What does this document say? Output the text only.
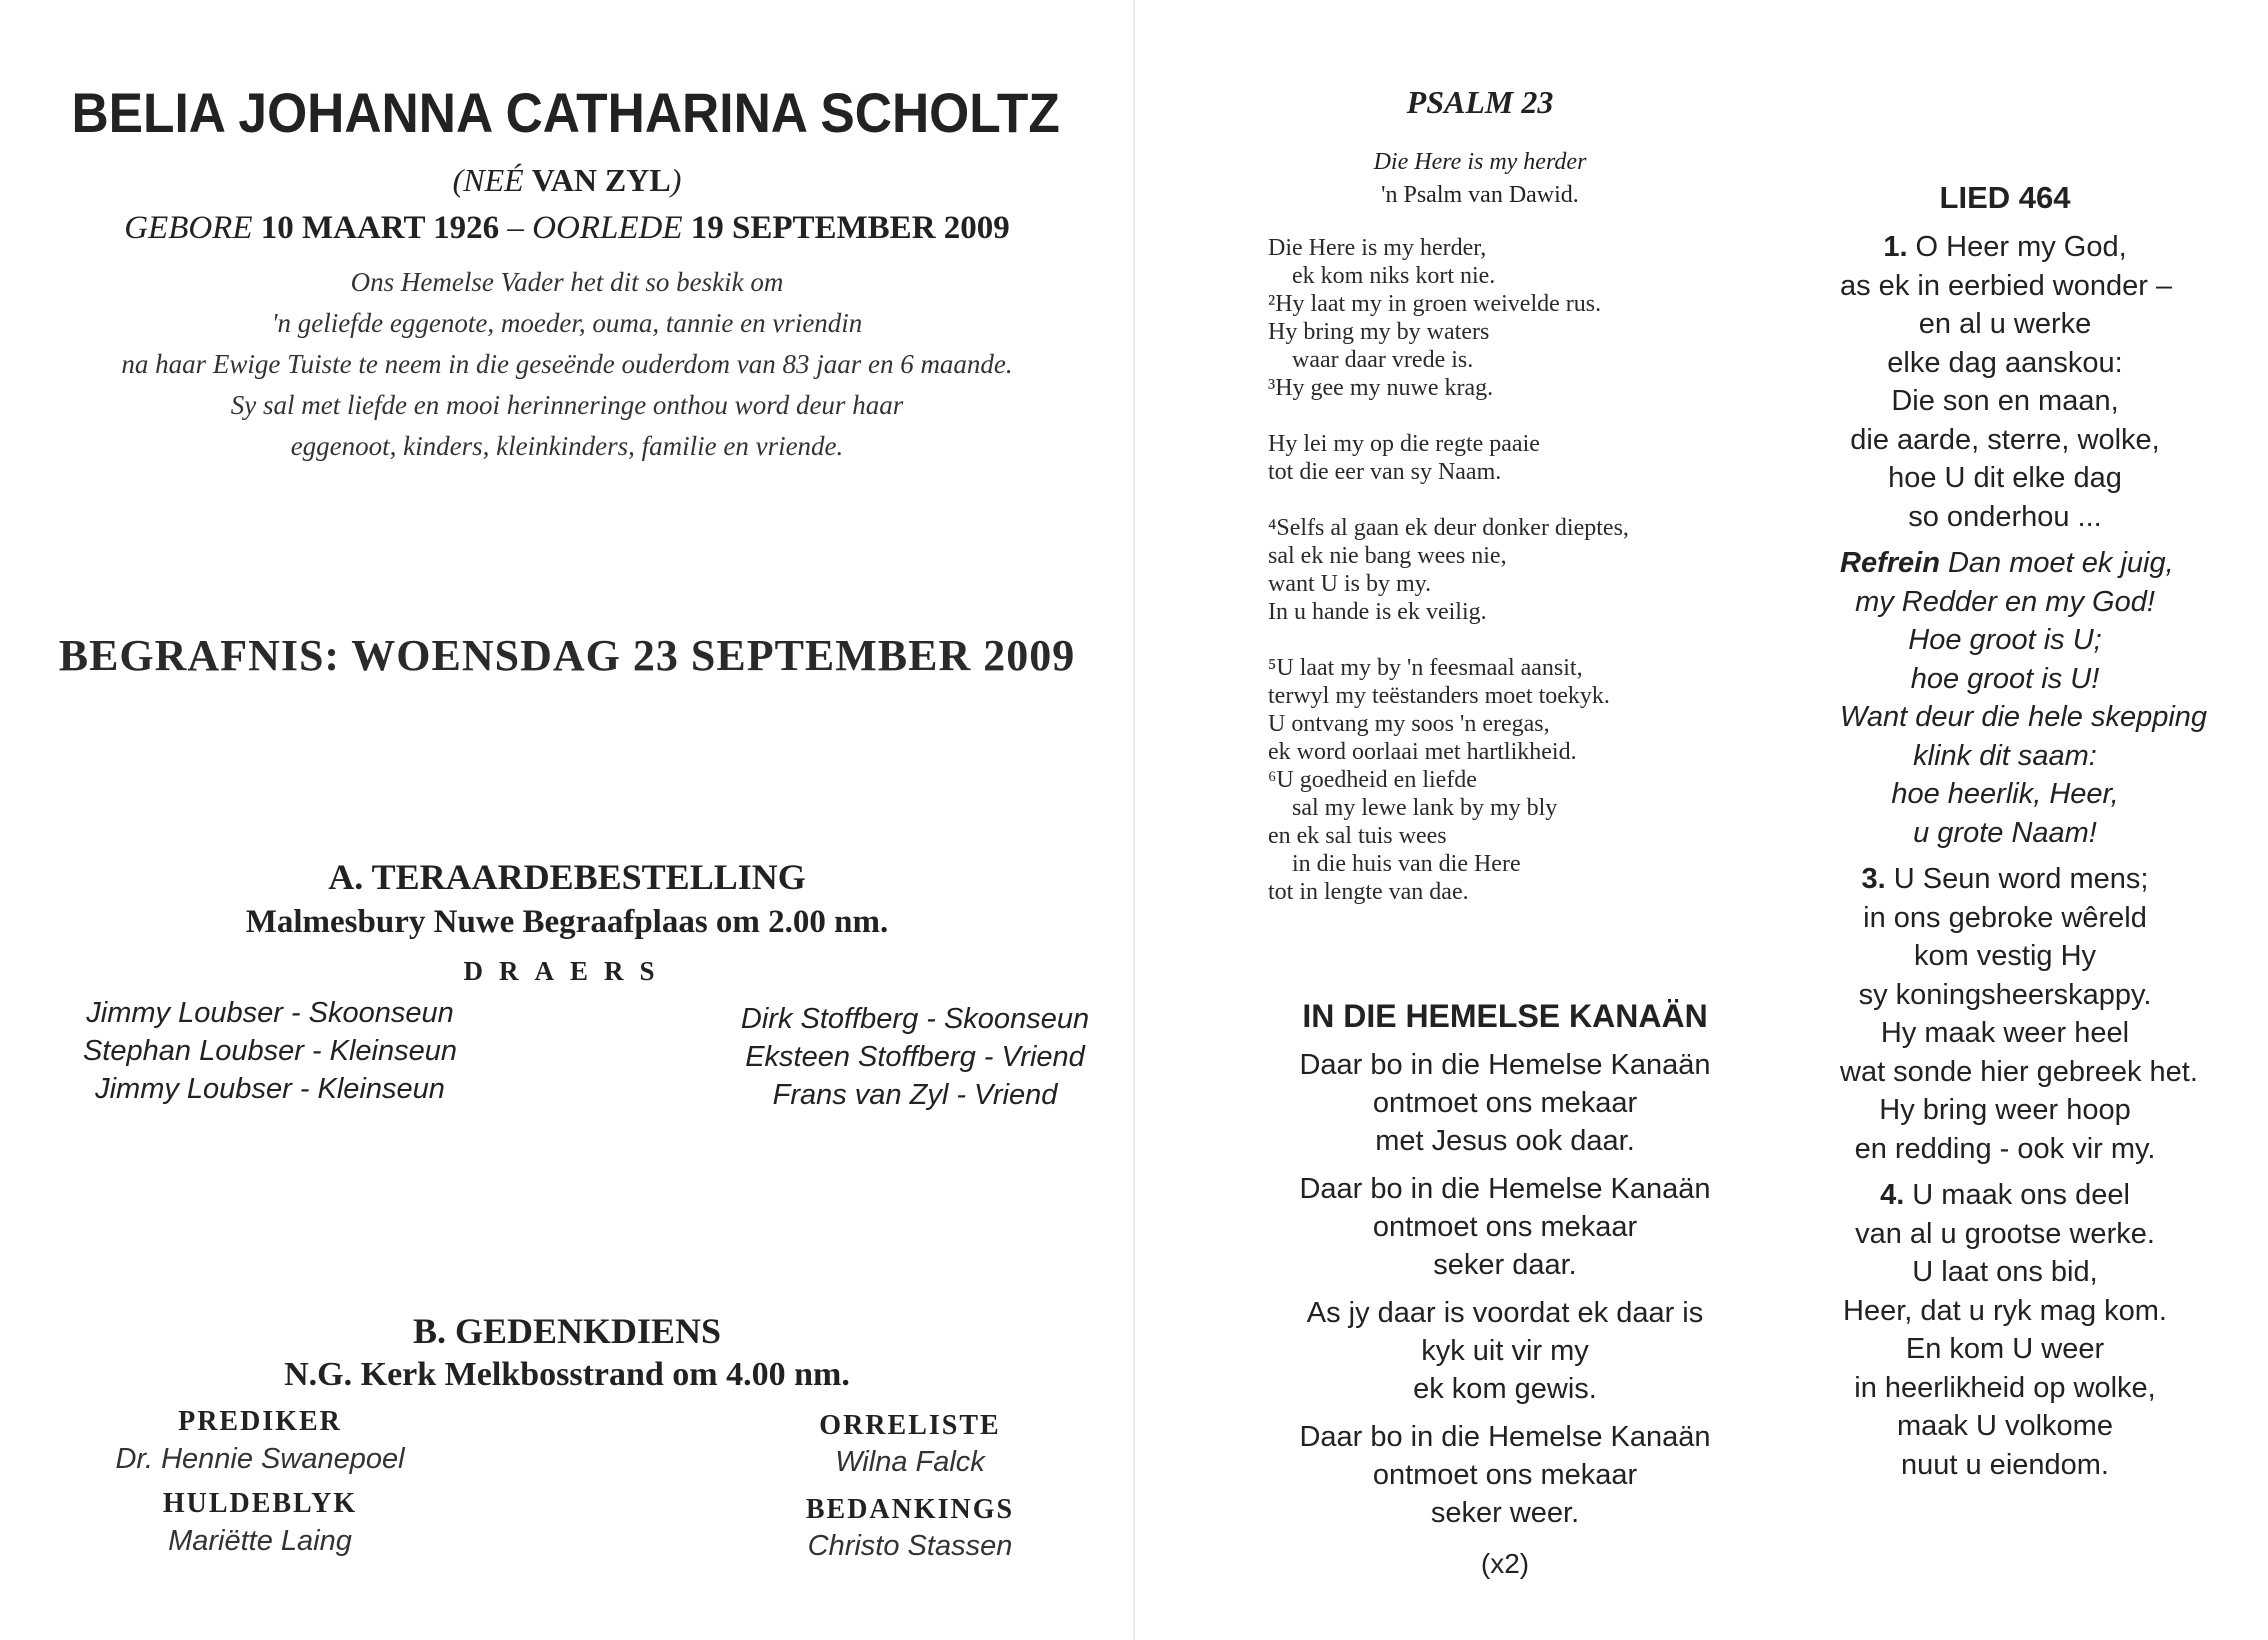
BELIA JOHANNA CATHARINA SCHOLTZ
(NEÉ VAN ZYL)
GEBORE 10 MAART 1926 – OORLEDE 19 SEPTEMBER 2009
Ons Hemelse Vader het dit so beskik om
'n geliefde eggenote, moeder, ouma, tannie en vriendin
na haar Ewige Tuiste te neem in die geseënde ouderdom van 83 jaar en 6 maande.
Sy sal met liefde en mooi herinneringe onthou word deur haar
eggenoot, kinders, kleinkinders, familie en vriende.
BEGRAFNIS: WOENSDAG 23 SEPTEMBER 2009
A. TERAARDEBESTELLING
Malmesbury Nuwe Begraafplaas om 2.00 nm.
DRAERS
Jimmy Loubser - Skoonseun
Stephan Loubser - Kleinseun
Jimmy Loubser - Kleinseun
Dirk Stoffberg - Skoonseun
Eksteen Stoffberg - Vriend
Frans van Zyl - Vriend
B. GEDENKDIENS
N.G. Kerk Melkbosstrand om 4.00 nm.
PREDIKER
Dr. Hennie Swanepoel
ORRELISTE
Wilna Falck
HULDEBLYK
Mariëtte Laing
BEDANKINGS
Christo Stassen
PSALM 23
Die Here is my herder
'n Psalm van Dawid.
Die Here is my herder,
ek kom niks kort nie.
²Hy laat my in groen weivelde rus.
Hy bring my by waters
waar daar vrede is.
³Hy gee my nuwe krag.
Hy lei my op die regte paaie
tot die eer van sy Naam.
⁴Selfs al gaan ek deur donker dieptes,
sal ek nie bang wees nie,
want U is by my.
In u hande is ek veilig.
⁵U laat my by 'n feesmaal aansit,
terwyl my teëstanders moet toekyk.
U ontvang my soos 'n eregas,
ek word oorlaai met hartlikheid.
⁶U goedheid en liefde
sal my lewe lank by my bly
en ek sal tuis wees
in die huis van die Here
tot in lengte van dae.
IN DIE HEMELSE KANAÄN
Daar bo in die Hemelse Kanaän
ontmoet ons mekaar
met Jesus ook daar.
Daar bo in die Hemelse Kanaän
ontmoet ons mekaar
seker daar.
As jy daar is voordat ek daar is
kyk uit vir my
ek kom gewis.
Daar bo in die Hemelse Kanaän
ontmoet ons mekaar
seker weer.
(x2)
LIED 464
1. O Heer my God,
as ek in eerbied wonder –
en al u werke
elke dag aanskou:
Die son en maan,
die aarde, sterre, wolke,
hoe U dit elke dag
so onderhou ...
Refrein Dan moet ek juig,
my Redder en my God!
Hoe groot is U;
hoe groot is U!
Want deur die hele skepping
klink dit saam:
hoe heerlik, Heer,
u grote Naam!
3. U Seun word mens;
in ons gebroke wêreld
kom vestig Hy
sy koningsheerskappy.
Hy maak weer heel
wat sonde hier gebreek het.
Hy bring weer hoop
en redding - ook vir my.
4. U maak ons deel
van al u grootse werke.
U laat ons bid,
Heer, dat u ryk mag kom.
En kom U weer
in heerlikheid op wolke,
maak U volkome
nuut u eiendom.
